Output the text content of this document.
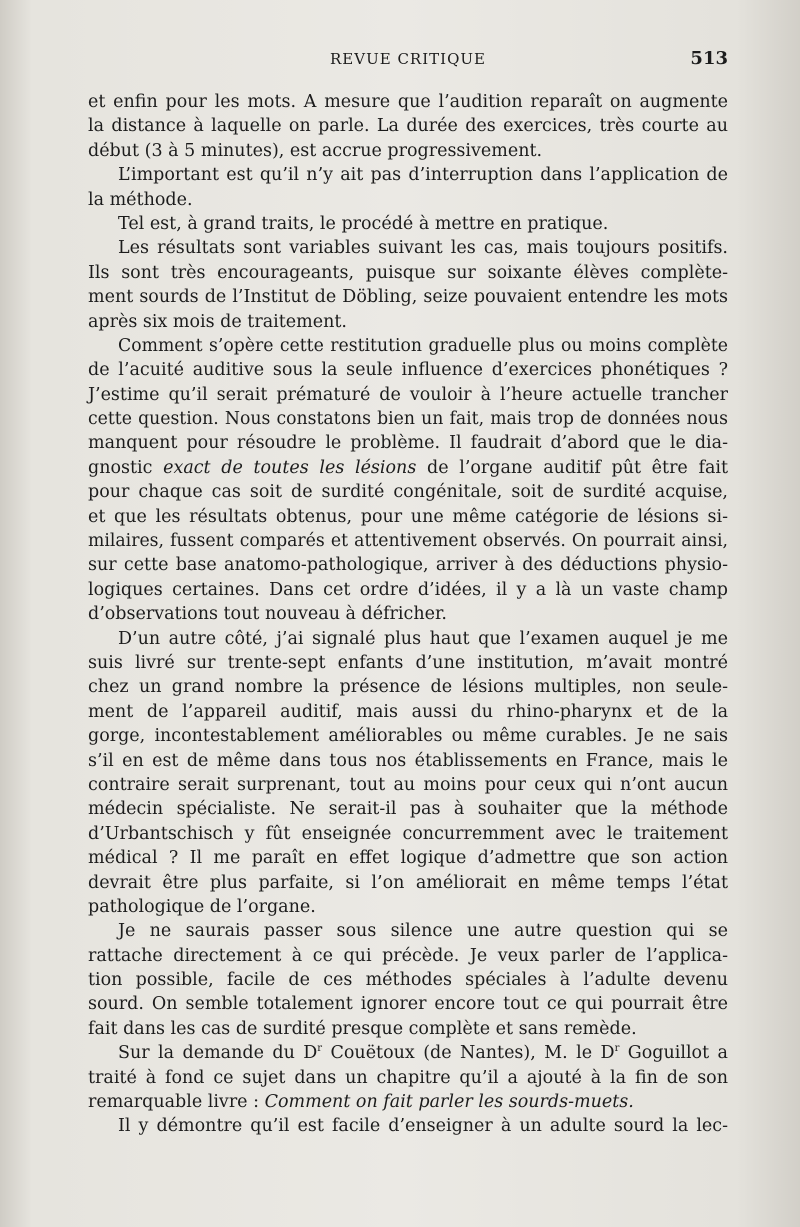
REVUE CRITIQUE	513
et enfin pour les mots. A mesure que l’audition reparaît on augmente
la distance à laquelle on parle. La durée des exercices, très courte au
début (3 à 5 minutes), est accrue progressivement.
L’important est qu’il n’y ait pas d’interruption dans l’application de
la méthode.
Tel est, à grand traits, le procédé à mettre en pratique.
Les résultats sont variables suivant les cas, mais toujours positifs.
Ils sont très encourageants, puisque sur soixante élèves complète-
ment sourds de l’Institut de Döbling, seize pouvaient entendre les mots
après six mois de traitement.
Comment s’opère cette restitution graduelle plus ou moins complète
de l’acuité auditive sous la seule influence d’exercices phonétiques ?
J’estime qu’il serait prématuré de vouloir à l’heure actuelle trancher
cette question. Nous constatons bien un fait, mais trop de données nous
manquent pour résoudre le problème. Il faudrait d’abord que le dia-
gnostic exact de toutes les lésions de l’organe auditif pût être fait
pour chaque cas soit de surdité congénitale, soit de surdité acquise,
et que les résultats obtenus, pour une même catégorie de lésions si-
milaires, fussent comparés et attentivement observés. On pourrait ainsi,
sur cette base anatomo-pathologique, arriver à des déductions physio-
logiques certaines. Dans cet ordre d’idées, il y a là un vaste champ
d’observations tout nouveau à défricher.
D’un autre côté, j’ai signalé plus haut que l’examen auquel je me
suis livré sur trente-sept enfants d’une institution, m’avait montré
chez un grand nombre la présence de lésions multiples, non seule-
ment de l’appareil auditif, mais aussi du rhino-pharynx et de la
gorge, incontestablement améliorables ou même curables. Je ne sais
s’il en est de même dans tous nos établissements en France, mais le
contraire serait surprenant, tout au moins pour ceux qui n’ont aucun
médecin spécialiste. Ne serait-il pas à souhaiter que la méthode
d’Urbantschisch y fût enseignée concurremment avec le traitement
médical ? Il me paraît en effet logique d’admettre que son action
devrait être plus parfaite, si l’on améliorait en même temps l’état
pathologique de l’organe.
Je ne saurais passer sous silence une autre question qui se
rattache directement à ce qui précède. Je veux parler de l’applica-
tion possible, facile de ces méthodes spéciales à l’adulte devenu
sourd. On semble totalement ignorer encore tout ce qui pourrait être
fait dans les cas de surdité presque complète et sans remède.
Sur la demande du $D^r$ Couëtoux (de Nantes), M. le $D^r$ Goguillot a
traité à fond ce sujet dans un chapitre qu’il a ajouté à la fin de son
remarquable livre : Comment on fait parler les sourds-muets.
Il y démontre qu’il est facile d’enseigner à un adulte sourd la lec-
